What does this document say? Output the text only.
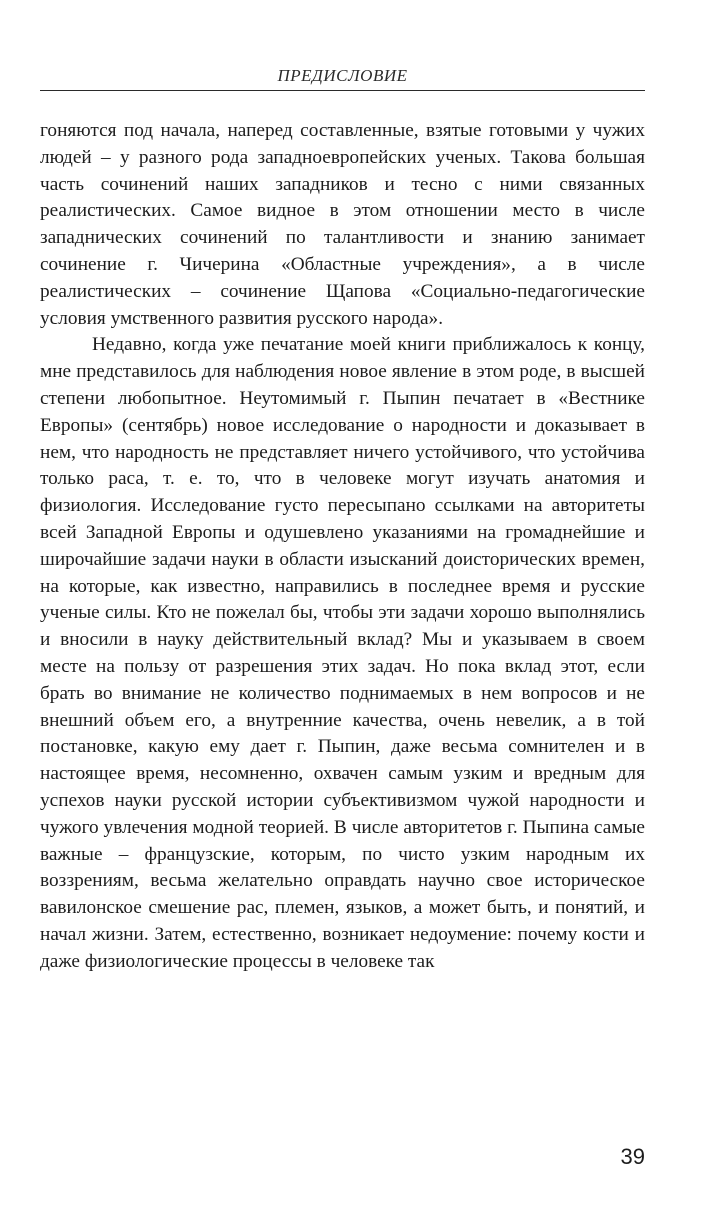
ПРЕДИСЛОВИЕ

гоняются под начала, наперед составленные, взятые готовыми у чужих людей – у разного рода западноевропейских ученых. Такова большая часть сочинений наших западников и тесно с ними связанных реалистических. Самое видное в этом отношении место в числе западнических сочинений по талантливости и знанию занимает сочинение г. Чичерина «Областные учреждения», а в числе реалистических – сочинение Щапова «Социально-педагогические условия умственного развития русского народа».

Недавно, когда уже печатание моей книги приближалось к концу, мне представилось для наблюдения новое явление в этом роде, в высшей степени любопытное. Неутомимый г. Пыпин печатает в «Вестнике Европы» (сентябрь) новое исследование о народности и доказывает в нем, что народность не представляет ничего устойчивого, что устойчива только раса, т. е. то, что в человеке могут изучать анатомия и физиология. Исследование густо пересыпано ссылками на авторитеты всей Западной Европы и одушевлено указаниями на громаднейшие и широчайшие задачи науки в области изысканий доисторических времен, на которые, как известно, направились в последнее время и русские ученые силы. Кто не пожелал бы, чтобы эти задачи хорошо выполнялись и вносили в науку действительный вклад? Мы и указываем в своем месте на пользу от разрешения этих задач. Но пока вклад этот, если брать во внимание не количество поднимаемых в нем вопросов и не внешний объем его, а внутренние качества, очень невелик, а в той постановке, какую ему дает г. Пыпин, даже весьма сомнителен и в настоящее время, несомненно, охвачен самым узким и вредным для успехов науки русской истории субъективизмом чужой народности и чужого увлечения модной теорией. В числе авторитетов г. Пыпина самые важные – французские, которым, по чисто узким народным их воззрениям, весьма желательно оправдать научно свое историческое вавилонское смешение рас, племен, языков, а может быть, и понятий, и начал жизни. Затем, естественно, возникает недоумение: почему кости и даже физиологические процессы в человеке так

39
